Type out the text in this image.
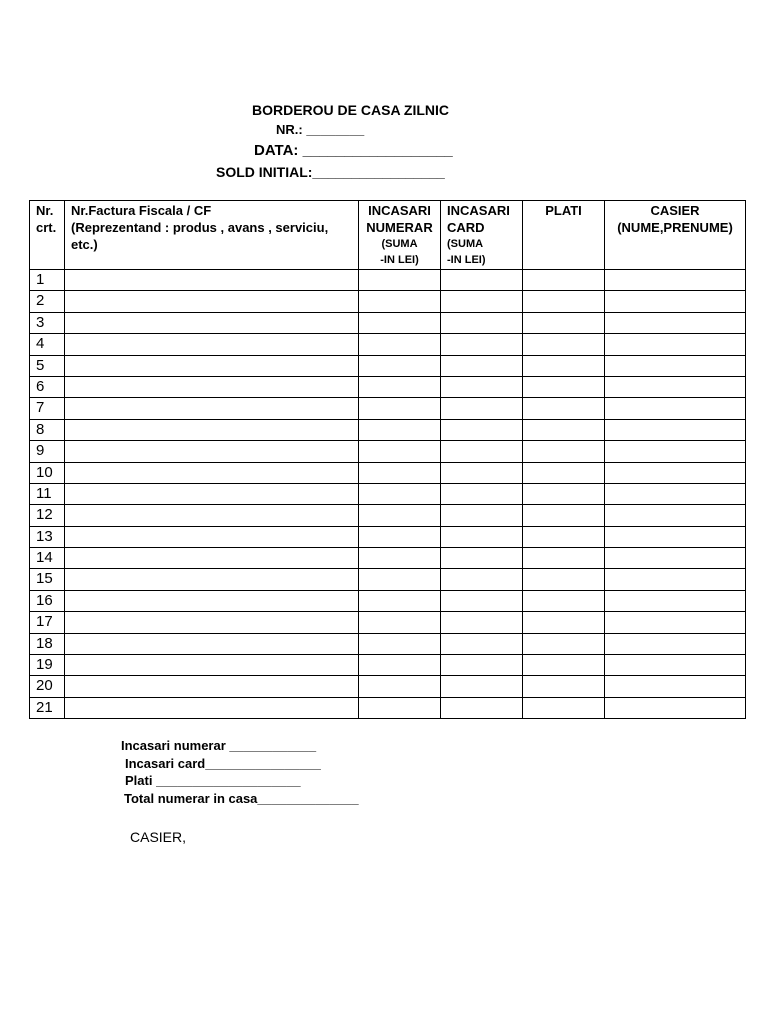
BORDEROU DE CASA ZILNIC
NR.: ________
DATA: __________________
SOLD INITIAL:_________________
Nr.
crt.	Nr.Factura Fiscala / CF
(Reprezentand : produs , avans , serviciu,
etc.)	INCASARI
NUMERAR
(SUMA
-IN LEI)	INCASARI
CARD
(SUMA
-IN LEI)	PLATI	CASIER
(NUME,PRENUME)
1					
2					
3					
4					
5					
6					
7					
8					
9					
10					
11					
12					
13					
14					
15					
16					
17					
18					
19					
20					
21					
Incasari numerar ____________
Incasari card________________
Plati ____________________
Total numerar in casa______________
CASIER,
